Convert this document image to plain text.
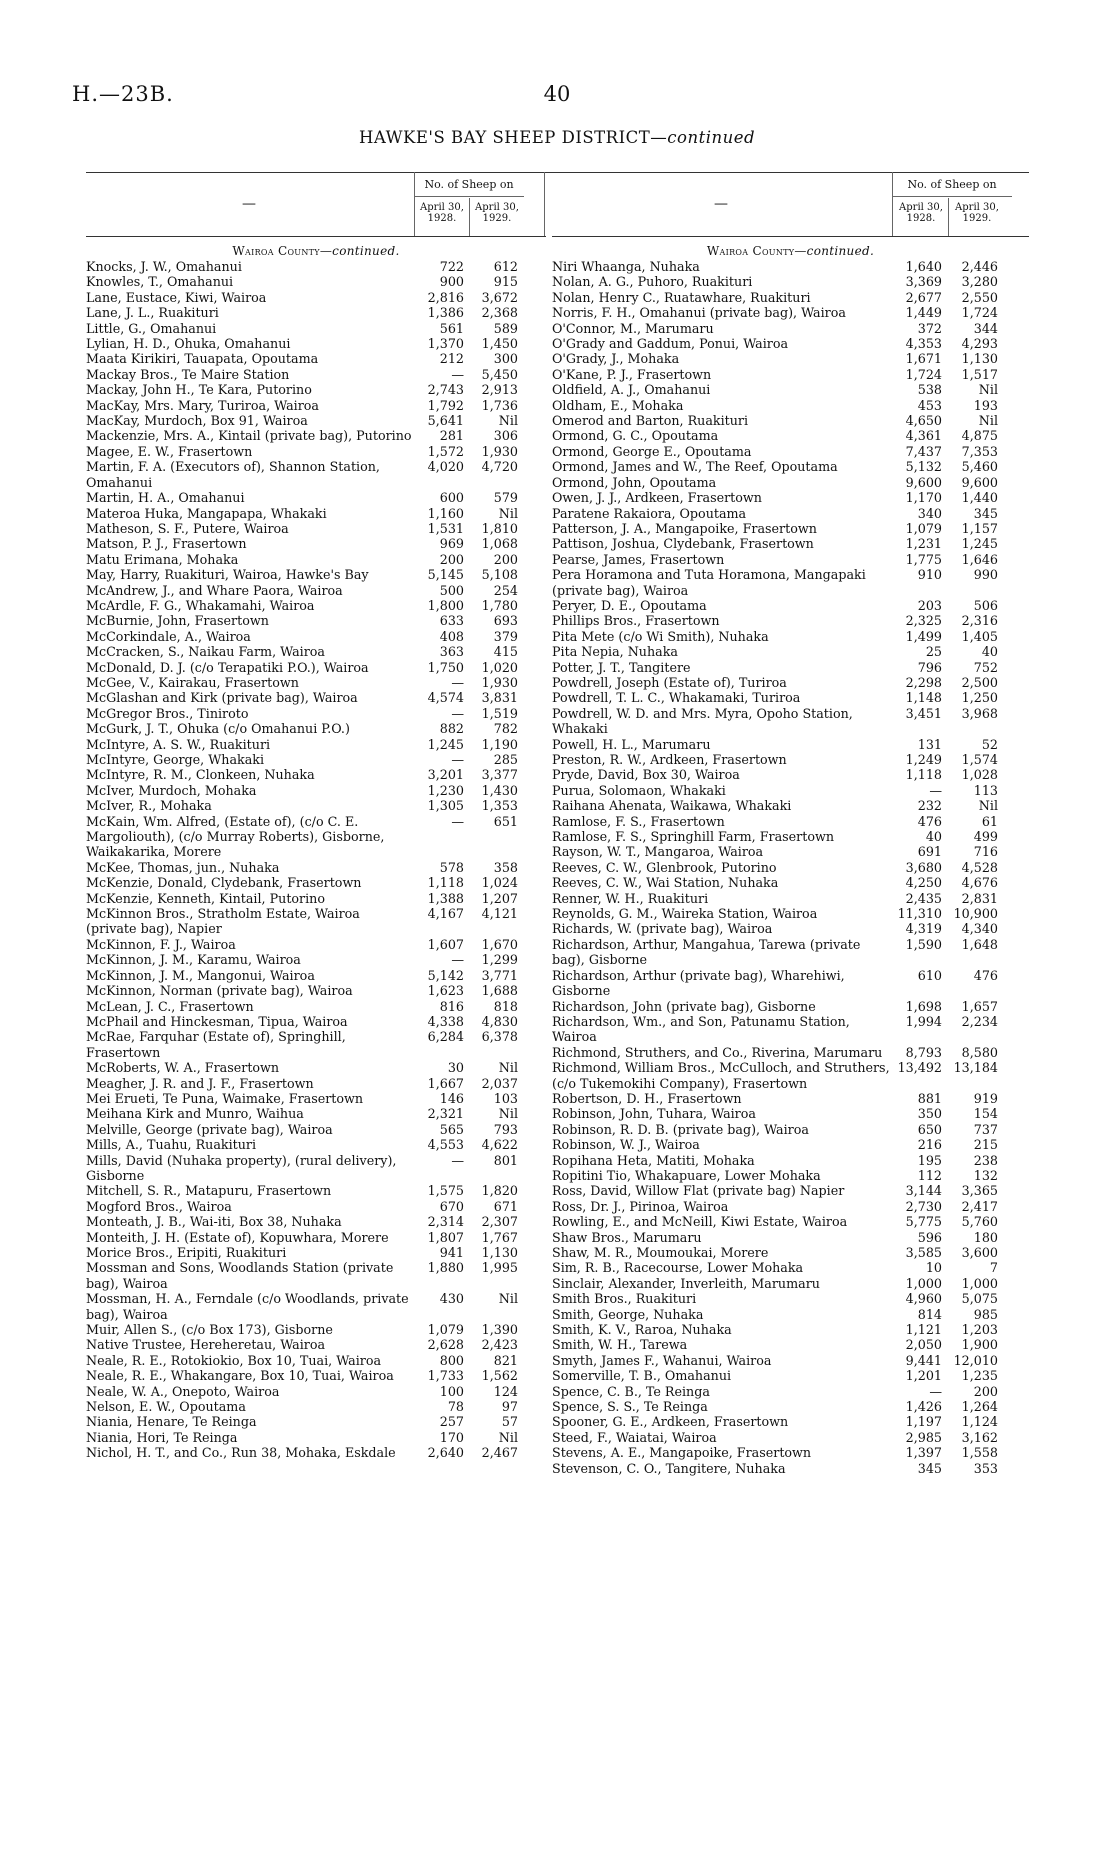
H.—23B.	40
HAWKE'S BAY SHEEP DISTRICT—continued
—
No. of Sheep on
April 30,
1928.
April 30,
1929.
Wairoa County—continued.
Knocks, J. W., Omahanui	722	612
Knowles, T., Omahanui	900	915
Lane, Eustace, Kiwi, Wairoa	2,816	3,672
Lane, J. L., Ruakituri	1,386	2,368
Little, G., Omahanui	561	589
Lylian, H. D., Ohuka, Omahanui	1,370	1,450
Maata Kirikiri, Tauapata, Opoutama	212	300
Mackay Bros., Te Maire Station	—	5,450
Mackay, John H., Te Kara, Putorino	2,743	2,913
MacKay, Mrs. Mary, Turiroa, Wairoa	1,792	1,736
MacKay, Murdoch, Box 91, Wairoa	5,641	Nil
Mackenzie, Mrs. A., Kintail (private bag), Putorino	281	306
Magee, E. W., Frasertown	1,572	1,930
Martin, F. A. (Executors of), Shannon Station, Omahanui
4,020	4,720
Martin, H. A., Omahanui	600	579
Materoa Huka, Mangapapa, Whakaki	1,160	Nil
Matheson, S. F., Putere, Wairoa	1,531	1,810
Matson, P. J., Frasertown	969	1,068
Matu Erimana, Mohaka	200	200
May, Harry, Ruakituri, Wairoa, Hawke's Bay	5,145	5,108
McAndrew, J., and Whare Paora, Wairoa	500	254
McArdle, F. G., Whakamahi, Wairoa	1,800	1,780
McBurnie, John, Frasertown	633	693
McCorkindale, A., Wairoa	408	379
McCracken, S., Naikau Farm, Wairoa	363	415
McDonald, D. J. (c/o Terapatiki P.O.), Wairoa	1,750	1,020
McGee, V., Kairakau, Frasertown	—	1,930
McGlashan and Kirk (private bag), Wairoa	4,574	3,831
McGregor Bros., Tiniroto	—	1,519
McGurk, J. T., Ohuka (c/o Omahanui P.O.)	882	782
McIntyre, A. S. W., Ruakituri	1,245	1,190
McIntyre, George, Whakaki	—	285
McIntyre, R. M., Clonkeen, Nuhaka	3,201	3,377
McIver, Murdoch, Mohaka	1,230	1,430
McIver, R., Mohaka	1,305	1,353
McKain, Wm. Alfred, (Estate of), (c/o C. E. Margoliouth), (c/o Murray Roberts), Gisborne, Waikakarika, Morere
—	651
McKee, Thomas, jun., Nuhaka	578	358
McKenzie, Donald, Clydebank, Frasertown	1,118	1,024
McKenzie, Kenneth, Kintail, Putorino	1,388	1,207
McKinnon Bros., Stratholm Estate, Wairoa (private bag), Napier
4,167	4,121
McKinnon, F. J., Wairoa	1,607	1,670
McKinnon, J. M., Karamu, Wairoa	—	1,299
McKinnon, J. M., Mangonui, Wairoa	5,142	3,771
McKinnon, Norman (private bag), Wairoa	1,623	1,688
McLean, J. C., Frasertown	816	818
McPhail and Hinckesman, Tipua, Wairoa	4,338	4,830
McRae, Farquhar (Estate of), Springhill, Frasertown
6,284	6,378
McRoberts, W. A., Frasertown	30	Nil
Meagher, J. R. and J. F., Frasertown	1,667	2,037
Mei Erueti, Te Puna, Waimake, Frasertown	146	103
Meihana Kirk and Munro, Waihua	2,321	Nil
Melville, George (private bag), Wairoa	565	793
Mills, A., Tuahu, Ruakituri	4,553	4,622
Mills, David (Nuhaka property), (rural delivery), Gisborne
—	801
Mitchell, S. R., Matapuru, Frasertown	1,575	1,820
Mogford Bros., Wairoa	670	671
Monteath, J. B., Wai-iti, Box 38, Nuhaka	2,314	2,307
Monteith, J. H. (Estate of), Kopuwhara, Morere	1,807	1,767
Morice Bros., Eripiti, Ruakituri	941	1,130
Mossman and Sons, Woodlands Station (private bag), Wairoa
1,880	1,995
Mossman, H. A., Ferndale (c/o Woodlands, private bag), Wairoa
430	Nil
Muir, Allen S., (c/o Box 173), Gisborne	1,079	1,390
Native Trustee, Hereheretau, Wairoa	2,628	2,423
Neale, R. E., Rotokiokio, Box 10, Tuai, Wairoa	800	821
Neale, R. E., Whakangare, Box 10, Tuai, Wairoa	1,733	1,562
Neale, W. A., Onepoto, Wairoa	100	124
Nelson, E. W., Opoutama	78	97
Niania, Henare, Te Reinga	257	57
Niania, Hori, Te Reinga	170	Nil
Nichol, H. T., and Co., Run 38, Mohaka, Eskdale	2,640	2,467
—
No. of Sheep on
April 30,
1928.
April 30,
1929.
Wairoa County—continued.
Niri Whaanga, Nuhaka	1,640	2,446
Nolan, A. G., Puhoro, Ruakituri	3,369	3,280
Nolan, Henry C., Ruatawhare, Ruakituri	2,677	2,550
Norris, F. H., Omahanui (private bag), Wairoa	1,449	1,724
O'Connor, M., Marumaru	372	344
O'Grady and Gaddum, Ponui, Wairoa	4,353	4,293
O'Grady, J., Mohaka	1,671	1,130
O'Kane, P. J., Frasertown	1,724	1,517
Oldfield, A. J., Omahanui	538	Nil
Oldham, E., Mohaka	453	193
Omerod and Barton, Ruakituri	4,650	Nil
Ormond, G. C., Opoutama	4,361	4,875
Ormond, George E., Opoutama	7,437	7,353
Ormond, James and W., The Reef, Opoutama	5,132	5,460
Ormond, John, Opoutama	9,600	9,600
Owen, J. J., Ardkeen, Frasertown	1,170	1,440
Paratene Rakaiora, Opoutama	340	345
Patterson, J. A., Mangapoike, Frasertown	1,079	1,157
Pattison, Joshua, Clydebank, Frasertown	1,231	1,245
Pearse, James, Frasertown	1,775	1,646
Pera Horamona and Tuta Horamona, Mangapaki (private bag), Wairoa
910	990
Peryer, D. E., Opoutama	203	506
Phillips Bros., Frasertown	2,325	2,316
Pita Mete (c/o Wi Smith), Nuhaka	1,499	1,405
Pita Nepia, Nuhaka	25	40
Potter, J. T., Tangitere	796	752
Powdrell, Joseph (Estate of), Turiroa	2,298	2,500
Powdrell, T. L. C., Whakamaki, Turiroa	1,148	1,250
Powdrell, W. D. and Mrs. Myra, Opoho Station, Whakaki
3,451	3,968
Powell, H. L., Marumaru	131	52
Preston, R. W., Ardkeen, Frasertown	1,249	1,574
Pryde, David, Box 30, Wairoa	1,118	1,028
Purua, Solomaon, Whakaki	—	113
Raihana Ahenata, Waikawa, Whakaki	232	Nil
Ramlose, F. S., Frasertown	476	61
Ramlose, F. S., Springhill Farm, Frasertown	40	499
Rayson, W. T., Mangaroa, Wairoa	691	716
Reeves, C. W., Glenbrook, Putorino	3,680	4,528
Reeves, C. W., Wai Station, Nuhaka	4,250	4,676
Renner, W. H., Ruakituri	2,435	2,831
Reynolds, G. M., Waireka Station, Wairoa	11,310 10,900
Richards, W. (private bag), Wairoa	4,319	4,340
Richardson, Arthur, Mangahua, Tarewa (private bag), Gisborne
1,590	1,648
Richardson, Arthur (private bag), Wharehiwi, Gisborne
610	476
Richardson, John (private bag), Gisborne	1,698	1,657
Richardson, Wm., and Son, Patunamu Station, Wairoa
1,994	2,234
Richmond, Struthers, and Co., Riverina, Marumaru	8,793	8,580
Richmond, William Bros., McCulloch, and Struthers, (c/o Tukemokihi Company), Frasertown
13,492 13,184
Robertson, D. H., Frasertown	881	919
Robinson, John, Tuhara, Wairoa	350	154
Robinson, R. D. B. (private bag), Wairoa	650	737
Robinson, W. J., Wairoa	216	215
Ropihana Heta, Matiti, Mohaka	195	238
Ropitini Tio, Whakapuare, Lower Mohaka	112	132
Ross, David, Willow Flat (private bag) Napier	3,144	3,365
Ross, Dr. J., Pirinoa, Wairoa	2,730	2,417
Rowling, E., and McNeill, Kiwi Estate, Wairoa	5,775	5,760
Shaw Bros., Marumaru	596	180
Shaw, M. R., Moumoukai, Morere	3,585	3,600
Sim, R. B., Racecourse, Lower Mohaka	10	7
Sinclair, Alexander, Inverleith, Marumaru	1,000	1,000
Smith Bros., Ruakituri	4,960	5,075
Smith, George, Nuhaka	814	985
Smith, K. V., Raroa, Nuhaka	1,121	1,203
Smith, W. H., Tarewa	2,050	1,900
Smyth, James F., Wahanui, Wairoa	9,441 12,010
Somerville, T. B., Omahanui	1,201	1,235
Spence, C. B., Te Reinga	—	200
Spence, S. S., Te Reinga	1,426	1,264
Spooner, G. E., Ardkeen, Frasertown	1,197	1,124
Steed, F., Waiatai, Wairoa	2,985	3,162
Stevens, A. E., Mangapoike, Frasertown	1,397	1,558
Stevenson, C. O., Tangitere, Nuhaka	345	353
